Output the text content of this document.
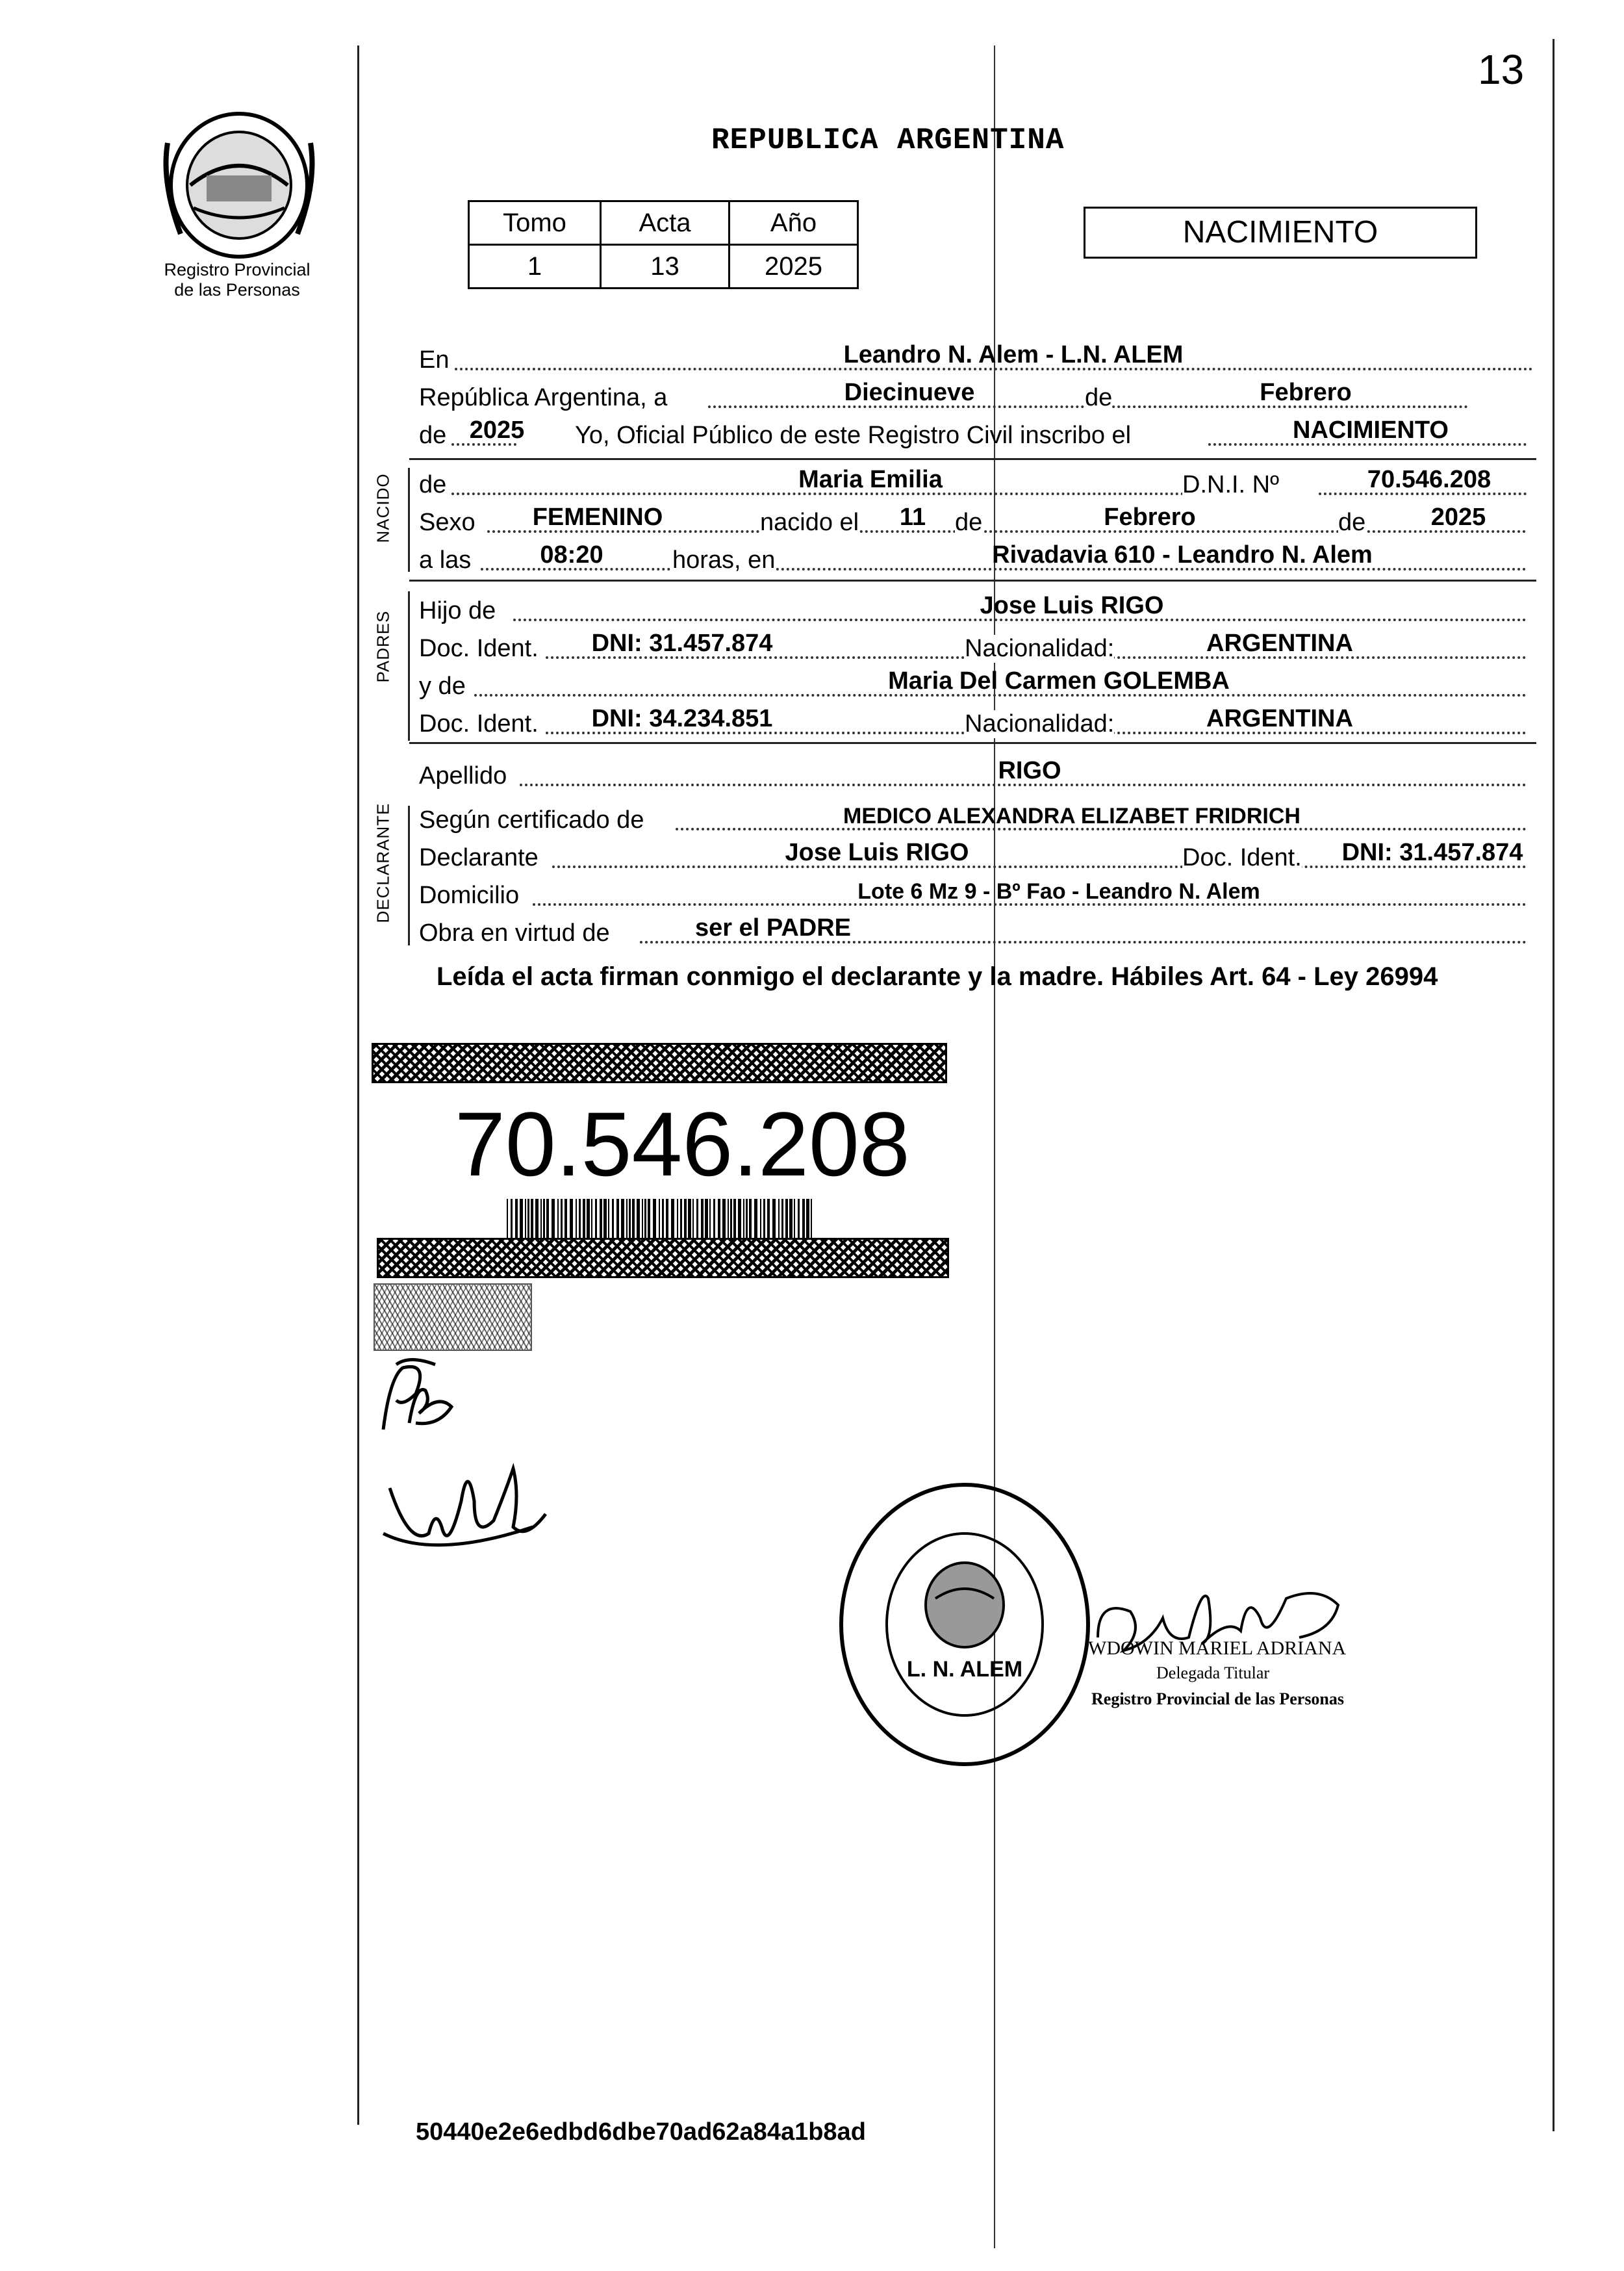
Registro Provincial
de las Personas
13
REPUBLICA ARGENTINA
Tomo	Acta	Año
1	13	2025
NACIMIENTO
En	Leandro N. Alem - L.N. ALEM
República Argentina, a	Diecinueve	de	Febrero
de 2025	Yo, Oficial Público de este Registro Civil inscribo el	NACIMIENTO
NACIDO de	Maria Emilia	D.N.I. Nº	70.546.208
Sexo	FEMENINO	nacido el 11 de	Febrero	de	2025
a las	08:20	horas, en	Rivadavia 610 - Leandro N. Alem
PADRES Hijo de	Jose Luis RIGO
Doc. Ident.	DNI: 31.457.874	Nacionalidad:	ARGENTINA
y de	Maria Del Carmen GOLEMBA
Doc. Ident.	DNI: 34.234.851	Nacionalidad:	ARGENTINA
Apellido	RIGO
DECLARANTE Según certificado de	MEDICO ALEXANDRA ELIZABET FRIDRICH
Declarante	Jose Luis RIGO	Doc. Ident.	DNI: 31.457.874
Domicilio	Lote 6 Mz 9 - Bº Fao - Leandro N. Alem
Obra en virtud de	ser el PADRE
Leída el acta firman conmigo el declarante y la madre. Hábiles Art. 64 - Ley 26994
70.546.208
L. N. ALEM
WDOWIN MARIEL ADRIANA
Delegada Titular
Registro Provincial de las Personas
50440e2e6edbd6dbe70ad62a84a1b8ad
